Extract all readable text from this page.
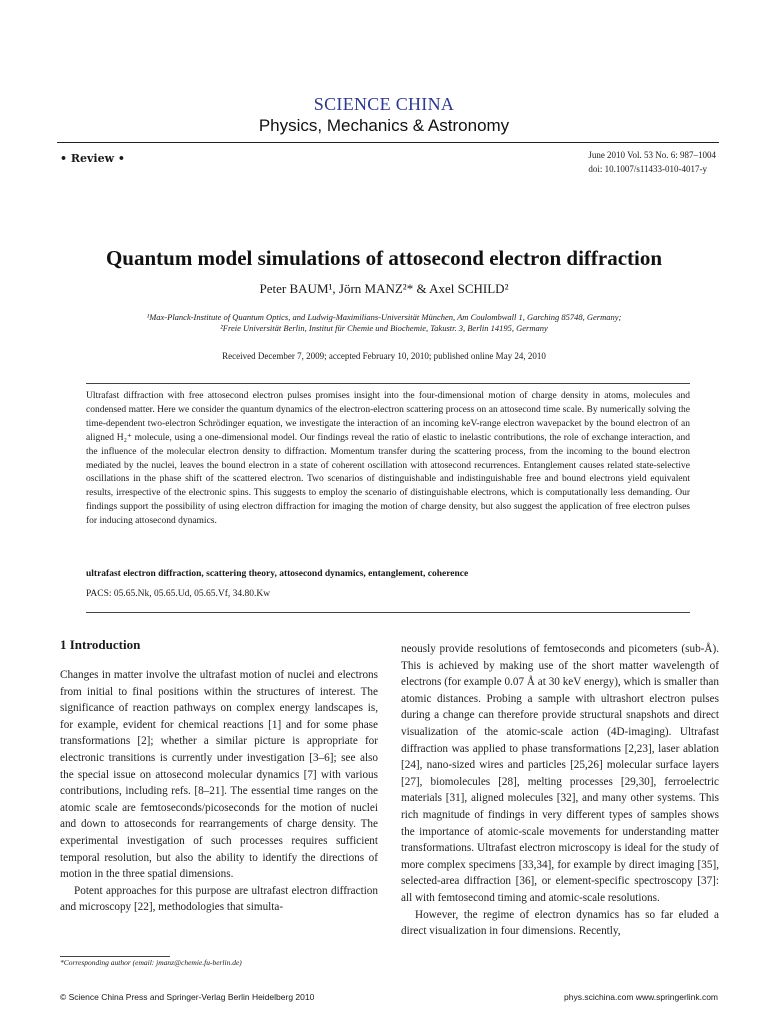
SCIENCE CHINA
Physics, Mechanics & Astronomy
• Review •	June 2010 Vol. 53 No. 6: 987–1004
doi: 10.1007/s11433-010-4017-y
Quantum model simulations of attosecond electron diffraction
Peter BAUM¹, Jörn MANZ²* & Axel SCHILD²
¹Max-Planck-Institute of Quantum Optics, and Ludwig-Maximilians-Universität München, Am Coulombwall 1, Garching 85748, Germany;
²Freie Universität Berlin, Institut für Chemie und Biochemie, Takustr. 3, Berlin 14195, Germany
Received December 7, 2009; accepted February 10, 2010; published online May 24, 2010
Ultrafast diffraction with free attosecond electron pulses promises insight into the four-dimensional motion of charge density in atoms, molecules and condensed matter. Here we consider the quantum dynamics of the electron-electron scattering process on an attosecond time scale. By numerically solving the time-dependent two-electron Schrödinger equation, we investigate the interaction of an incoming keV-range electron wavepacket by the bound electron of an aligned H₂⁺ molecule, using a one-dimensional model. Our findings reveal the ratio of elastic to inelastic contributions, the role of exchange interaction, and the influence of the molecular electron density to diffraction. Momentum transfer during the scattering process, from the incoming to the bound electron mediated by the nuclei, leaves the bound electron in a state of coherent oscillation with attosecond recurrences. Entanglement causes related state-selective oscillations in the phase shift of the scattered electron. Two scenarios of distinguishable and indistinguishable free and bound electrons yield equivalent results, irrespective of the electronic spins. This suggests to employ the scenario of distinguishable electrons, which is computationally less demanding. Our findings support the possibility of using electron diffraction for imaging the motion of charge density, but also suggest the application of free electron pulses for inducing attosecond dynamics.
ultrafast electron diffraction, scattering theory, attosecond dynamics, entanglement, coherence
PACS: 05.65.Nk, 05.65.Ud, 05.65.Vf, 34.80.Kw
1 Introduction

Changes in matter involve the ultrafast motion of nuclei and electrons from initial to final positions within the structures of interest. The significance of reaction pathways on complex energy landscapes is, for example, evident for chemical reactions [1] and for some phase transformations [2]; whether a similar picture is appropriate for electronic transitions is currently under investigation [3–6]; see also the special issue on attosecond molecular dynamics [7] with various contributions, including refs. [8–21]. The essential time ranges on the atomic scale are femtoseconds/picoseconds for the motion of nuclei and down to attoseconds for rearrangements of charge density. The experimental investigation of such processes requires sufficient temporal resolution, but also the ability to identify the directions of motion in the three spatial dimensions.

Potent approaches for this purpose are ultrafast electron diffraction and microscopy [22], methodologies that simulta-

neously provide resolutions of femtoseconds and picometers (sub-Å). This is achieved by making use of the short matter wavelength of electrons (for example 0.07 Å at 30 keV energy), which is smaller than atomic distances. Probing a sample with ultrashort electron pulses during a change can therefore provide structural snapshots and direct visualization of the atomic-scale action (4D-imaging). Ultrafast diffraction was applied to phase transformations [2,23], laser ablation [24], nano-sized wires and particles [25,26] molecular surface layers [27], biomolecules [28], melting processes [29,30], ferroelectric materials [31], aligned molecules [32], and many other systems. This rich magnitude of findings in very different types of samples shows the importance of atomic-scale movements for understanding matter transformations. Ultrafast electron microscopy is ideal for the study of more complex specimens [33,34], for example by direct imaging [35], selected-area diffraction [36], or element-specific spectroscopy [37]: all with femtosecond timing and atomic-scale resolutions.

However, the regime of electron dynamics has so far eluded a direct visualization in four dimensions. Recently,

*Corresponding author (email: jmanz@chemie.fu-berlin.de)
© Science China Press and Springer-Verlag Berlin Heidelberg 2010	phys.scichina.com www.springerlink.com
